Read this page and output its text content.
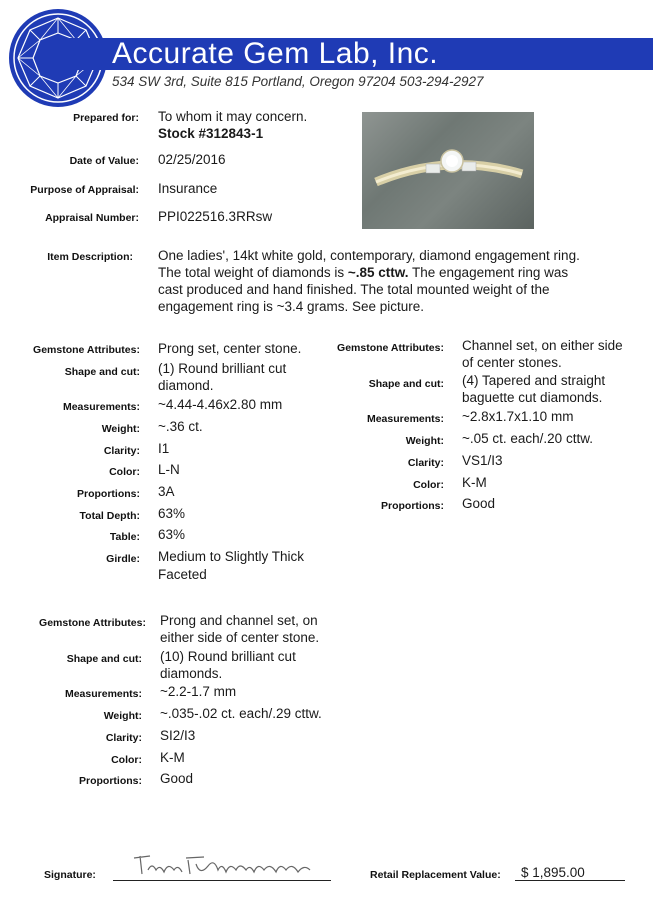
Accurate Gem Lab, Inc.
534 SW 3rd, Suite 815 Portland, Oregon 97204 503-294-2927
Prepared for: To whom it may concern.
Stock #312843-1
Date of Value: 02/25/2016
Purpose of Appraisal: Insurance
Appraisal Number: PPI022516.3RRsw
Item Description: One ladies', 14kt white gold, contemporary, diamond engagement ring.
The total weight of diamonds is ~.85 cttw. The engagement ring was
cast produced and hand finished. The total mounted weight of the
engagement ring is ~3.4 grams. See picture.
Gemstone Attributes: Prong set, center stone.
Shape and cut: (1) Round brilliant cut
diamond.
Measurements: ~4.44-4.46x2.80 mm
Weight: ~.36 ct.
Clarity: I1
Color: L-N
Proportions: 3A
Total Depth: 63%
Table: 63%
Girdle: Medium to Slightly Thick
Faceted
Gemstone Attributes: Channel set, on either side
of center stones.
Shape and cut: (4) Tapered and straight
baguette cut diamonds.
Measurements: ~2.8x1.7x1.10 mm
Weight: ~.05 ct. each/.20 cttw.
Clarity: VS1/I3
Color: K-M
Proportions: Good
Gemstone Attributes: Prong and channel set, on
either side of center stone.
Shape and cut: (10) Round brilliant cut
diamonds.
Measurements: ~2.2-1.7 mm
Weight: ~.035-.02 ct. each/.29 cttw.
Clarity: SI2/I3
Color: K-M
Proportions: Good
Signature:	Retail Replacement Value: $ 1,895.00
